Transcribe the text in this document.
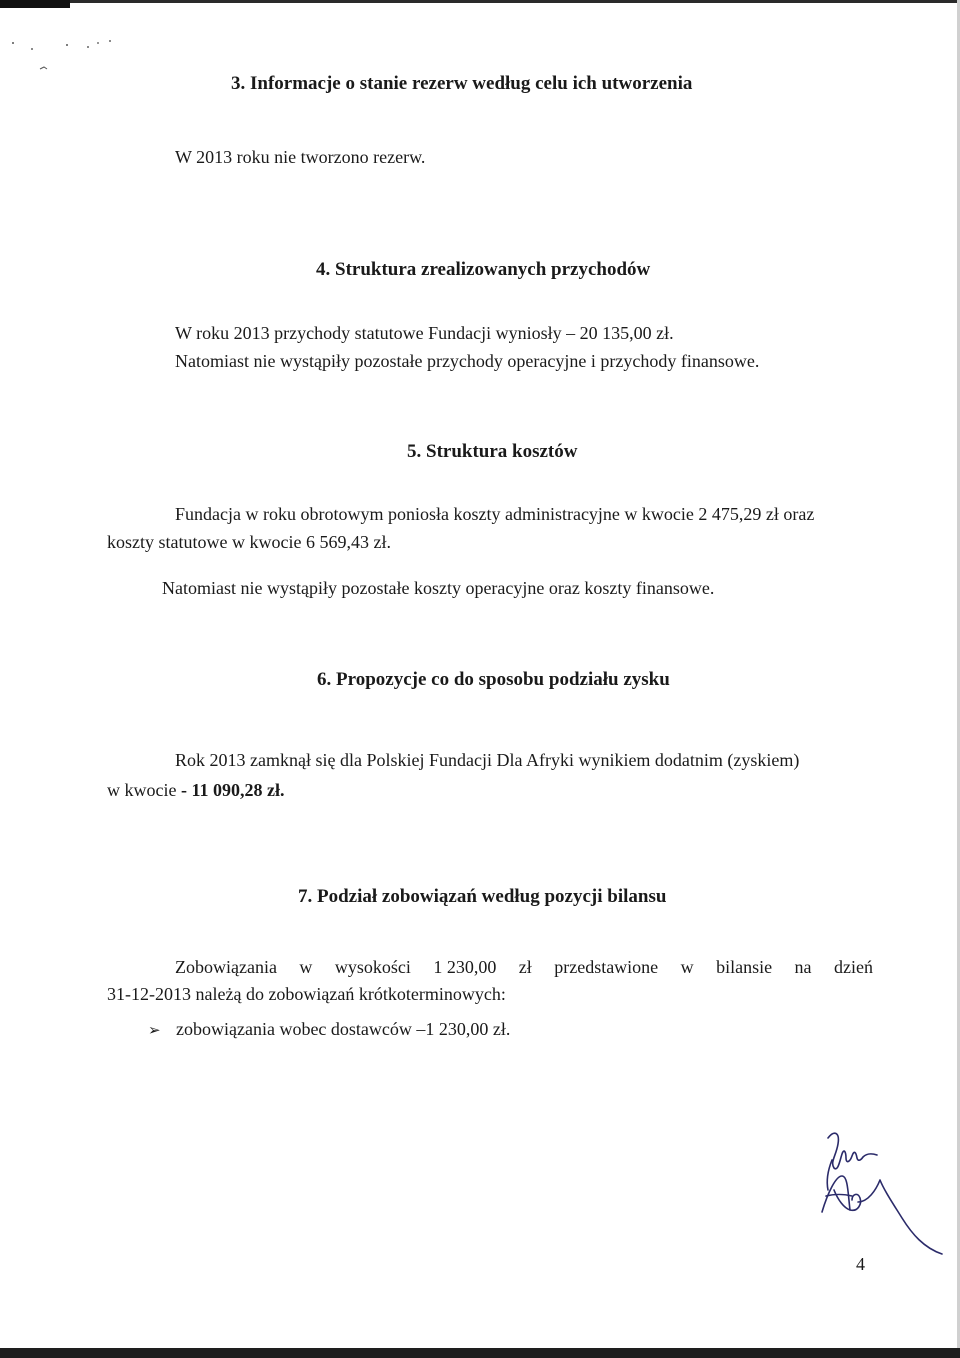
3. Informacje o stanie rezerw według celu ich utworzenia
W 2013 roku nie tworzono rezerw.
4. Struktura zrealizowanych przychodów
W roku 2013 przychody statutowe Fundacji wyniosły – 20 135,00 zł.
Natomiast nie wystąpiły pozostałe przychody operacyjne i przychody finansowe.
5. Struktura kosztów
Fundacja w roku obrotowym poniosła koszty administracyjne w kwocie 2 475,29 zł oraz
koszty statutowe w kwocie 6 569,43 zł.
Natomiast nie wystąpiły pozostałe koszty operacyjne oraz koszty finansowe.
6. Propozycje co do sposobu podziału zysku
Rok 2013 zamknął się dla Polskiej Fundacji Dla Afryki wynikiem dodatnim (zyskiem)
w kwocie - 11 090,28 zł.
7. Podział zobowiązań według pozycji bilansu
Zobowiązania w wysokości 1 230,00 zł przedstawione w bilansie na dzień
31-12-2013 należą do zobowiązań krótkoterminowych:
➢ zobowiązania wobec dostawców –1 230,00 zł.
4
